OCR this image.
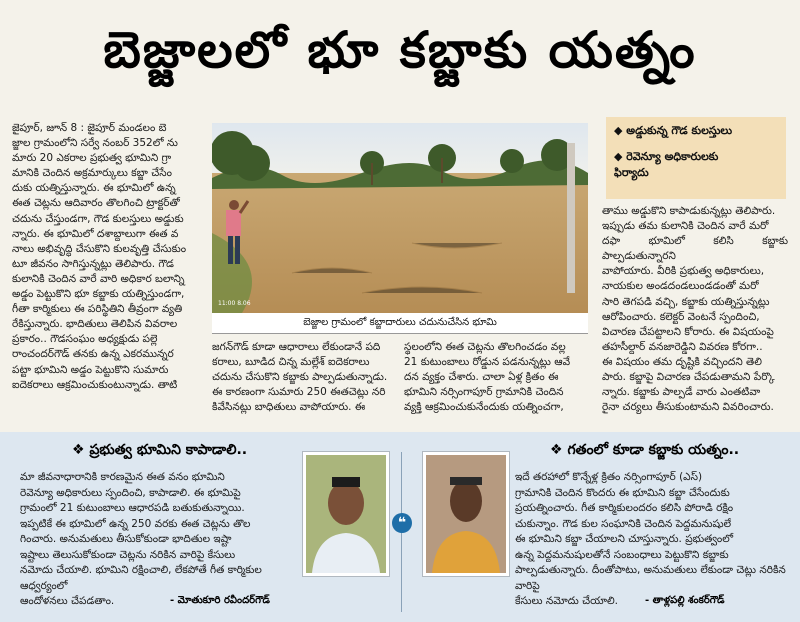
బెజ్జాలలో భూ కబ్జాకు యత్నం
జైపూర్‌, జూన్‌ 8 : జైపూర్‌ మండలం బె
జ్జాల గ్రామంలోని సర్వే నంబర్‌ 352లో ను
మారు 20 ఎకరాల ప్రభుత్వ భూమిని గ్రా
మానికి చెందిన అక్రమార్కులు కబ్జా చేసేం
దుకు యత్నిస్తున్నారు. ఈ భూమిలో ఉన్న
ఈత చెట్లను ఆదివారం తొలగించి ట్రాక్టర్‌తో
చదును చేస్తుండగా, గౌడ కులస్తులు అడ్డుకు
న్నారు. ఈ భూమిలో దశాబ్దాలుగా ఈత వ
నాలు అభివృద్ధి చేసుకొని కులవృత్తి చేసుకుం
టూ జీవనం సాగిస్తున్నట్లు తెలిపారు. గౌడ
కులానికి చెందిన వారే వారి అధికార బలాన్ని
అడ్డం పెట్టుకొని భూ కబ్జాకు యత్నిస్తుండగా,
గీతా కార్మికులు ఈ పరిస్థితిని తీవ్రంగా వ్యతి
రేకిస్తున్నారు. భాదితులు తెలిపిన వివరాల
ప్రకారం.. గౌడసంఘం అధ్యక్షుడు పల్లె
రాంచందర్‌గౌడ్‌ తనకు ఉన్న ఎకరమున్నర
పట్టా భూమిని అడ్డం పెట్టుకొని సుమారు
ఐదెకరాలు ఆక్రమించుకుంటున్నాడు. తాటి
11:00 8.06
బెజ్జాల గ్రామంలో కబ్జాదారులు చదునుచేసిన భూమి
జగన్‌గౌడ్‌ కూడా ఆధారాలు లేకుండానే పది
కరాలు, బూడిద చిన్న మల్లేశ్‌ ఐదెకరాలు
చదును చేసుకొని కబ్జాకు పాల్పడుతున్నాడు.
ఈ కారణంగా సుమారు 250 ఈతచెట్లు నరి
కివేసినట్లు బాధితులు వాపోయారు. ఈ
స్థలంలోని ఈత చెట్లను తొలగించడం వల్ల
21 కుటుంబాలు రోడ్డున పడనున్నట్లు ఆవే
దన వ్యక్తం చేశారు. చాలా ఏళ్ల క్రితం ఈ
భూమిని నర్సింగాపూర్‌ గ్రామానికి చెందిన
వ్యక్తి ఆక్రమించుకునేందుకు యత్నించగా,
◆ అడ్డుకున్న గౌడ కులస్తులు
◆ రెవెన్యూ అధికారులకు
ఫిర్యాదు
తాము అడ్డుకొని కాపాడుకున్నట్లు తెలిపారు.
ఇప్పుడు తమ కులానికి చెందిన వారే మరో
దఫా భూమిలో కలిసి కబ్జాకు పాల్పడుతున్నారని
వాపోయారు. వీరికి ప్రభుత్వ అధికారులు,
నాయకుల అండదండలుండడంతో మరో
సారి తెగపడి వచ్చి, కబ్జాకు యత్నిస్తున్నట్లు
ఆరోపించారు. కలెక్టర్‌ వెంటనే స్పందించి,
విచారణ చేపట్టాలని కోరారు. ఈ విషయంపై
తహసీల్దార్‌ వనజారెడ్డిని వివరణ కోరగా..
ఈ విషయం తమ దృష్టికి వచ్చిందని తెలి
పారు. కబ్జాపై విచారణ చేపడుతామని పేర్కొ
న్నారు. కబ్జాకు పాల్పడే వారు ఎంతటివా
రైనా చర్యలు తీసుకుంటామని వివరించారు.
❖ ప్రభుత్వ భూమిని కాపాడాలి..
మా జీవనాధారానికి కారణమైన ఈత వనం భూమిని
రెవెన్యూ అధికారులు స్పందించి, కాపాడాలి. ఈ భూమిపై
గ్రామంలో 21 కుటుంబాలు ఆధారపడి బతుకుతున్నాయి.
ఇప్పటికే ఈ భూమిలో ఉన్న 250 వరకు ఈత చెట్లను తొల
గించారు. అనుమతులు తీసుకోకుండా భాదితుల ఇష్టా
ఇష్టాలు తెలుసుకోకుండా చెట్లను నరికిన వారిపై కేసులు
నమోదు చేయాలి. భూమిని రక్షించాలి, లేకపోతే గీత కార్మికుల ఆధ్వర్యంలో
ఆందోళనలు చేపడతాం.	- మోతుకూరి రవీందర్‌గౌడ్‌
❝
❖ గతంలో కూడా కబ్జాకు యత్నం..
ఇదే తరహాలో కొన్నేళ్ల క్రితం నర్సింగాపూర్‌ (ఎస్‌)
గ్రామానికి చెందిన కొందరు ఈ భూమిని కబ్జా చేసేందుకు
ప్రయత్నించారు. గీత కార్మికులందరం కలిసి పోరాడి రక్షిం
చుకున్నాం. గౌడ కుల సంఘానికి చెందిన పెద్దమనుషులే
ఈ భూమిని కబ్జా చేయాలని చూస్తున్నారు. ప్రభుత్వంలో
ఉన్న పెద్దమనుషులతోనే సంబంధాలు పెట్టుకొని కబ్జాకు
పాల్పడుతున్నారు. దీంతోపాటు, అనుమతులు లేకుండా చెట్లు నరికిన వారిపై
కేసులు నమోదు చేయాలి.	- తాళ్లపల్లి శంకర్‌గౌడ్‌
